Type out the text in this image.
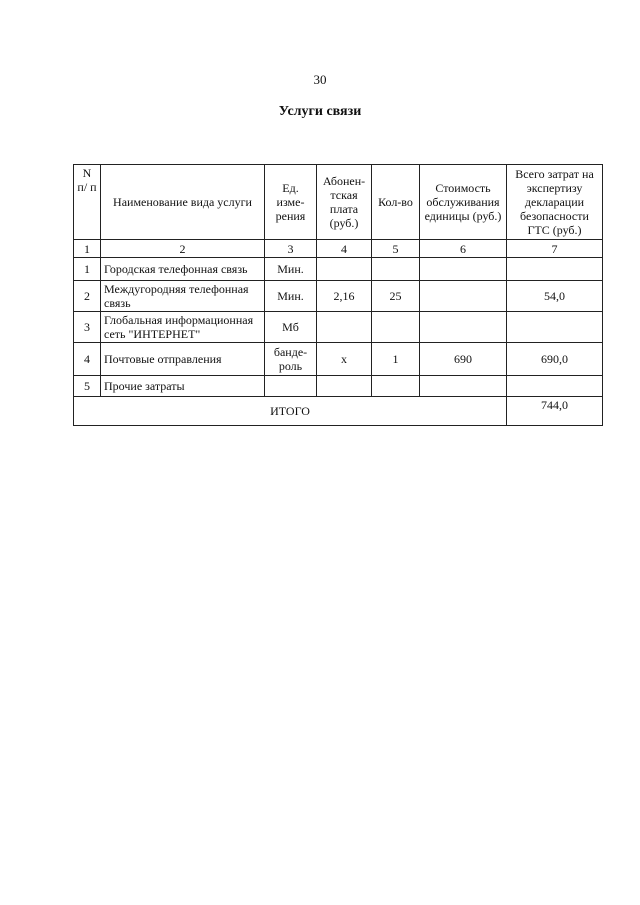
30
Услуги связи
N п/ п	Наименование вида услуги	Ед. изме- рения	Абонен- тская плата (руб.)	Кол-во	Стоимость обслуживания единицы (руб.)	Всего затрат на экспертизу декларации безопасности ГТС (руб.)
1	2	3	4	5	6	7
1	Городская телефонная связь	Мин.				
2	Междугородняя телефонная связь	Мин.	2,16	25		54,0
3	Глобальная информационная сеть "ИНТЕРНЕТ"	Мб				
4	Почтовые отправления	банде- роль	х	1	690	690,0
5	Прочие затраты					
ИТОГО						744,0
